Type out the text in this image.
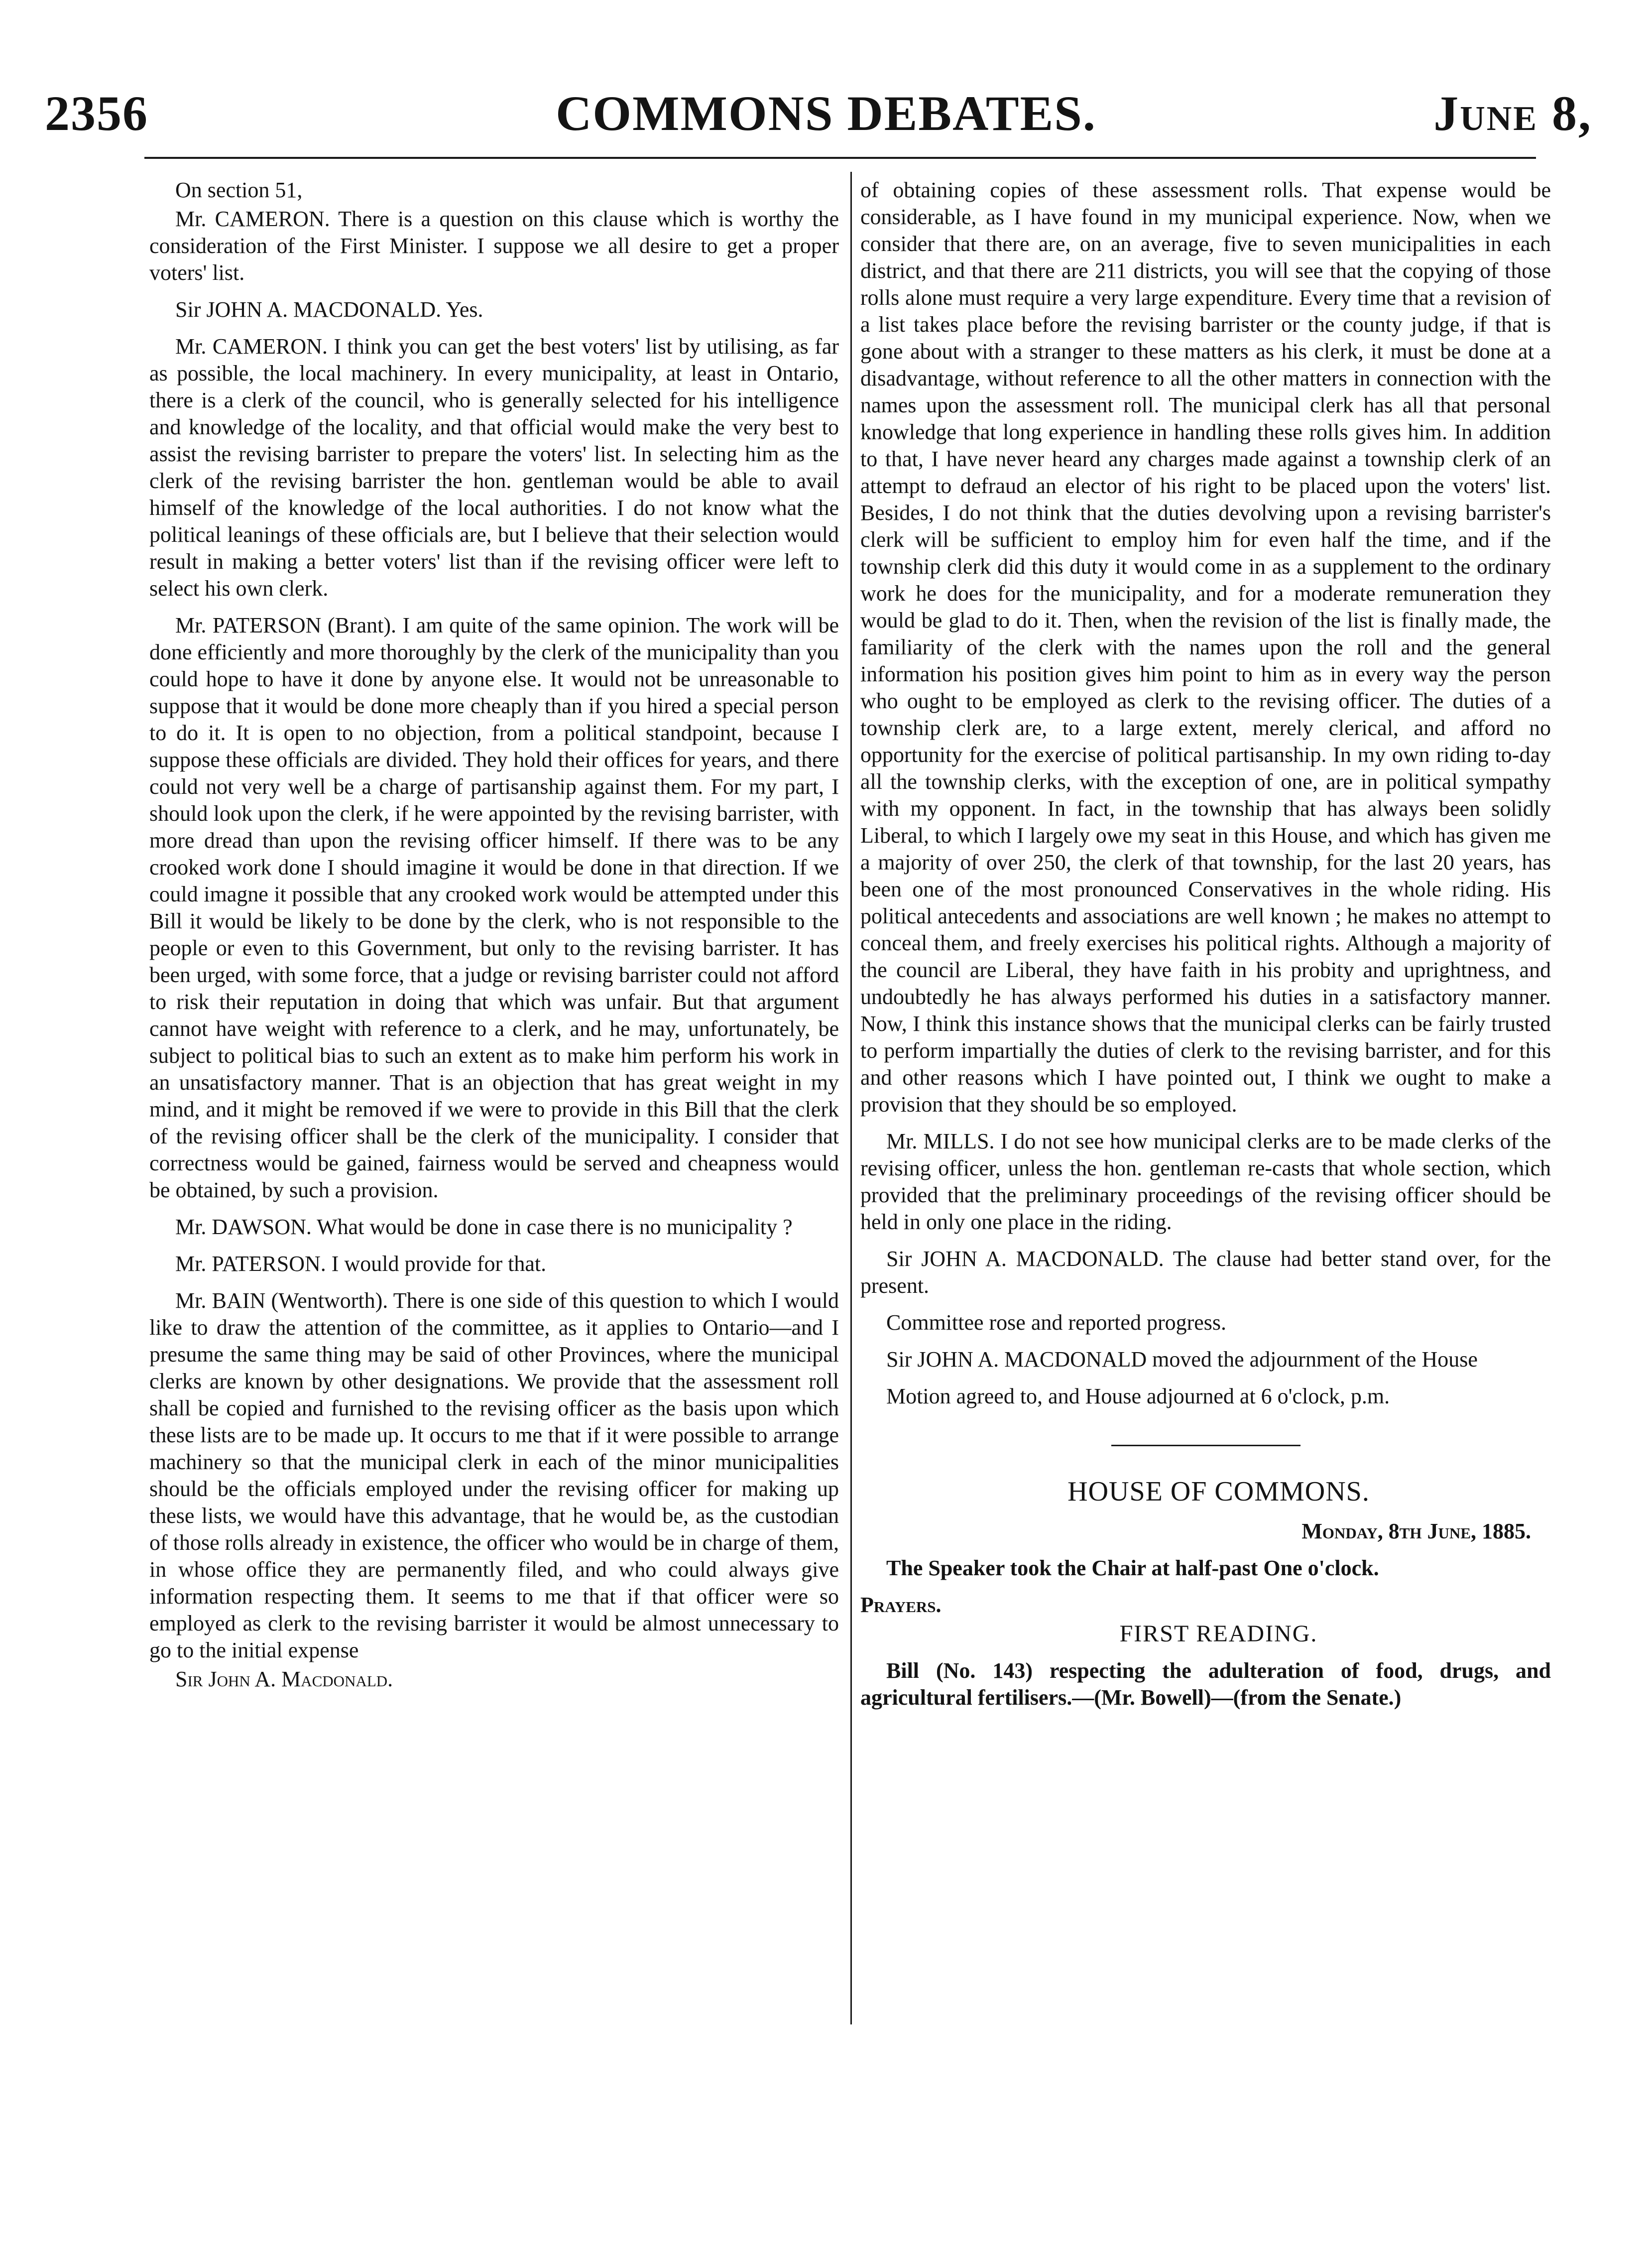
2356	COMMONS DEBATES.	June 8,

On section 51,

Mr. CAMERON. There is a question on this clause which is worthy the consideration of the First Minister. I suppose we all desire to get a proper voters' list.

Sir JOHN A. MACDONALD. Yes.

Mr. CAMERON. I think you can get the best voters' list by utilising, as far as possible, the local machinery. In every municipality, at least in Ontario, there is a clerk of the council, who is generally selected for his intelligence and knowledge of the locality, and that official would make the very best to assist the revising barrister to prepare the voters' list. In selecting him as the clerk of the revising barrister the hon. gentleman would be able to avail himself of the knowledge of the local authorities. I do not know what the political leanings of these officials are, but I believe that their selection would result in making a better voters' list than if the revising officer were left to select his own clerk.

Mr. PATERSON (Brant). I am quite of the same opinion. The work will be done efficiently and more thoroughly by the clerk of the municipality than you could hope to have it done by anyone else. It would not be unreasonable to suppose that it would be done more cheaply than if you hired a special person to do it. It is open to no objection, from a political standpoint, because I suppose these officials are divided. They hold their offices for years, and there could not very well be a charge of partisanship against them. For my part, I should look upon the clerk, if he were appointed by the revising barrister, with more dread than upon the revising officer himself. If there was to be any crooked work done I should imagine it would be done in that direction. If we could imagne it possible that any crooked work would be attempted under this Bill it would be likely to be done by the clerk, who is not responsible to the people or even to this Government, but only to the revising barrister. It has been urged, with some force, that a judge or revising barrister could not afford to risk their reputation in doing that which was unfair. But that argument cannot have weight with reference to a clerk, and he may, unfortunately, be subject to political bias to such an extent as to make him perform his work in an unsatisfactory manner. That is an objection that has great weight in my mind, and it might be removed if we were to provide in this Bill that the clerk of the revising officer shall be the clerk of the municipality. I consider that correctness would be gained, fairness would be served and cheapness would be obtained, by such a provision.

Mr. DAWSON. What would be done in case there is no municipality ?

Mr. PATERSON. I would provide for that.

Mr. BAIN (Wentworth). There is one side of this question to which I would like to draw the attention of the committee, as it applies to Ontario—and I presume the same thing may be said of other Provinces, where the municipal clerks are known by other designations. We provide that the assessment roll shall be copied and furnished to the revising officer as the basis upon which these lists are to be made up. It occurs to me that if it were possible to arrange machinery so that the municipal clerk in each of the minor municipalities should be the officials employed under the revising officer for making up these lists, we would have this advantage, that he would be, as the custodian of those rolls already in existence, the officer who would be in charge of them, in whose office they are permanently filed, and who could always give information respecting them. It seems to me that if that officer were so employed as clerk to the revising barrister it would be almost unnecessary to go to the initial expense

Sir John A. Macdonald.

of obtaining copies of these assessment rolls. That expense would be considerable, as I have found in my municipal experience. Now, when we consider that there are, on an average, five to seven municipalities in each district, and that there are 211 districts, you will see that the copying of those rolls alone must require a very large expenditure. Every time that a revision of a list takes place before the revising barrister or the county judge, if that is gone about with a stranger to these matters as his clerk, it must be done at a disadvantage, without reference to all the other matters in connection with the names upon the assessment roll. The municipal clerk has all that personal knowledge that long experience in handling these rolls gives him. In addition to that, I have never heard any charges made against a township clerk of an attempt to defraud an elector of his right to be placed upon the voters' list. Besides, I do not think that the duties devolving upon a revising barrister's clerk will be sufficient to employ him for even half the time, and if the township clerk did this duty it would come in as a supplement to the ordinary work he does for the municipality, and for a moderate remuneration they would be glad to do it. Then, when the revision of the list is finally made, the familiarity of the clerk with the names upon the roll and the general information his position gives him point to him as in every way the person who ought to be employed as clerk to the revising officer. The duties of a township clerk are, to a large extent, merely clerical, and afford no opportunity for the exercise of political partisanship. In my own riding to-day all the township clerks, with the exception of one, are in political sympathy with my opponent. In fact, in the township that has always been solidly Liberal, to which I largely owe my seat in this House, and which has given me a majority of over 250, the clerk of that township, for the last 20 years, has been one of the most pronounced Conservatives in the whole riding. His political antecedents and associations are well known ; he makes no attempt to conceal them, and freely exercises his political rights. Although a majority of the council are Liberal, they have faith in his probity and uprightness, and undoubtedly he has always performed his duties in a satisfactory manner. Now, I think this instance shows that the municipal clerks can be fairly trusted to perform impartially the duties of clerk to the revising barrister, and for this and other reasons which I have pointed out, I think we ought to make a provision that they should be so employed.

Mr. MILLS. I do not see how municipal clerks are to be made clerks of the revising officer, unless the hon. gentleman re-casts that whole section, which provided that the preliminary proceedings of the revising officer should be held in only one place in the riding.

Sir JOHN A. MACDONALD. The clause had better stand over, for the present.

Committee rose and reported progress.

Sir JOHN A. MACDONALD moved the adjournment of the House

Motion agreed to, and House adjourned at 6 o'clock, p.m.

HOUSE OF COMMONS.

Monday, 8th June, 1885.

The Speaker took the Chair at half-past One o'clock.

Prayers.

FIRST READING.

Bill (No. 143) respecting the adulteration of food, drugs, and agricultural fertilisers.—(Mr. Bowell)—(from the Senate.)
